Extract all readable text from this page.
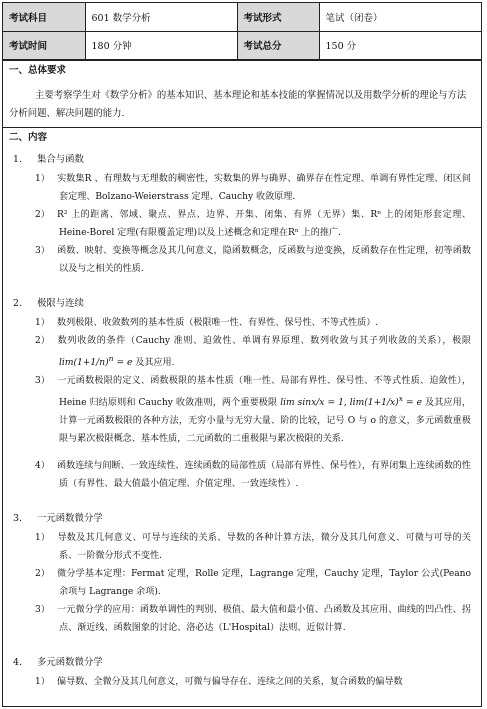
考试科目	601 数学分析	考试形式	笔试（闭卷）
考试时间	180 分钟	考试总分	150 分
一、总体要求

主要考察学生对《数学分析》的基本知识、基本理论和基本技能的掌握情况以及用数学分析的理论与方法分析问题、解决问题的能力.

二、内容

1. 集合与函数

1） 实数集R 、有理数与无理数的稠密性，实数集的界与确界、确界存在性定理、单调有界性定理、闭区间套定理、Bolzano-Weierstrass 定理、Cauchy 收敛原理.

2） R² 上的距离、邻域、聚点、界点、边界、开集、闭集、有界（无界）集、Rⁿ 上的闭矩形套定理、Heine-Borel 定理(有限覆盖定理)以及上述概念和定理在Rⁿ 上的推广.

3） 函数、映射、变换等概念及其几何意义，隐函数概念，反函数与逆变换，反函数存在性定理，初等函数以及与之相关的性质.

2. 极限与连续

1） 数列极限、收敛数列的基本性质（极限唯一性、有界性、保号性、不等式性质）.

2） 数列收敛的条件（Cauchy 准则、迫敛性、单调有界原理、数列收敛与其子列收敛的关系），极限 $\lim(1+1/n)^n = e$ 及其应用.

3） 一元函数极限的定义、函数极限的基本性质（唯一性、局部有界性、保号性、不等式性质、迫敛性），Heine 归结原则和 Cauchy 收敛准则，两个重要极限 lim sinx/x = 1, $\lim(1+1/x)^x = e$ 及其应用，计算一元函数极限的各种方法，无穷小量与无穷大量、阶的比较，记号 O 与 o 的意义，多元函数重极限与累次极限概念、基本性质，二元函数的二重极限与累次极限的关系.

4） 函数连续与间断、一致连续性、连续函数的局部性质（局部有界性、保号性），有界闭集上连续函数的性质（有界性、最大值最小值定理、介值定理、一致连续性）.

3. 一元函数微分学

1） 导数及其几何意义、可导与连续的关系、导数的各种计算方法，微分及其几何意义、可微与可导的关系、一阶微分形式不变性.

2） 微分学基本定理：Fermat 定理，Rolle 定理，Lagrange 定理，Cauchy 定理，Taylor 公式(Peano 余项与 Lagrange 余项).

3） 一元微分学的应用：函数单调性的判别、极值、最大值和最小值、凸函数及其应用、曲线的凹凸性、拐点、渐近线、函数图象的讨论、洛必达（L'Hospital）法则、近似计算.

4. 多元函数微分学

1） 偏导数、全微分及其几何意义，可微与偏导存在、连续之间的关系，复合函数的偏导数
